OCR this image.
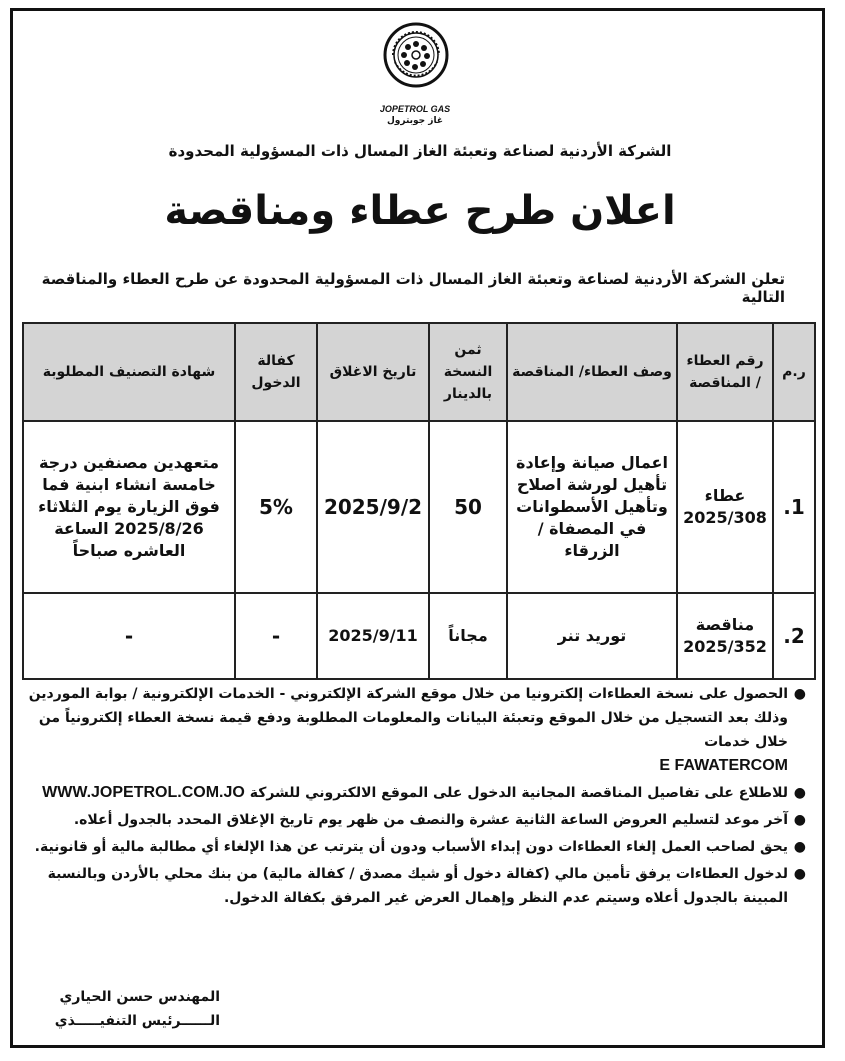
JOPETROL GAS
غاز جوبترول
الشركة الأردنية لصناعة وتعبئة الغاز المسال ذات المسؤولية المحدودة
اعلان طرح عطاء ومناقصة
تعلن الشركة الأردنية لصناعة وتعبئة الغاز المسال ذات المسؤولية المحدودة عن طرح العطاء والمناقصة التالية
ر.م	رقم العطاء / المناقصة	وصف العطاء/ المناقصة	ثمن النسخة بالدينار	تاريخ الاغلاق	كفالة الدخول	شهادة التصنيف المطلوبة
1.	عطاء 2025/308	اعمال صيانة وإعادة تأهيل لورشة اصلاح وتأهيل الأسطوانات في المصفاة / الزرقاء	50	2025/9/2	5%	متعهدين مصنفين درجة خامسة انشاء ابنية فما فوق الزيارة يوم الثلاثاء 2025/8/26 الساعة العاشره صباحاً
2.	مناقصة 2025/352	توريد تنر	مجاناً	2025/9/11	-	-
●
الحصول على نسخة العطاءات إلكترونيا من خلال موقع الشركة الإلكتروني - الخدمات الإلكترونية / بوابة الموردين وذلك بعد التسجيل من خلال الموقع وتعبئة البيانات والمعلومات المطلوبة ودفع قيمة نسخة العطاء إلكترونياً من خلال خدمات
E FAWATERCOM
●
للاطلاع على تفاصيل المناقصة المجانية الدخول على الموقع الالكتروني للشركة WWW.JOPETROL.COM.JO
●
آخر موعد لتسليم العروض الساعة الثانية عشرة والنصف من ظهر يوم تاريخ الإغلاق المحدد بالجدول أعلاه.
●
يحق لصاحب العمل إلغاء العطاءات دون إبداء الأسباب ودون أن يترتب عن هذا الإلغاء أي مطالبة مالية أو قانونية.
●
لدخول العطاءات يرفق تأمين مالي (كفالة دخول أو شيك مصدق / كفالة مالية) من بنك محلي بالأردن وبالنسبة المبينة بالجدول أعلاه وسيتم عدم النظر وإهمال العرض غير المرفق بكفالة الدخول.
المهندس حسن الحياري
الــــــرئيس التنفيـــــذي
